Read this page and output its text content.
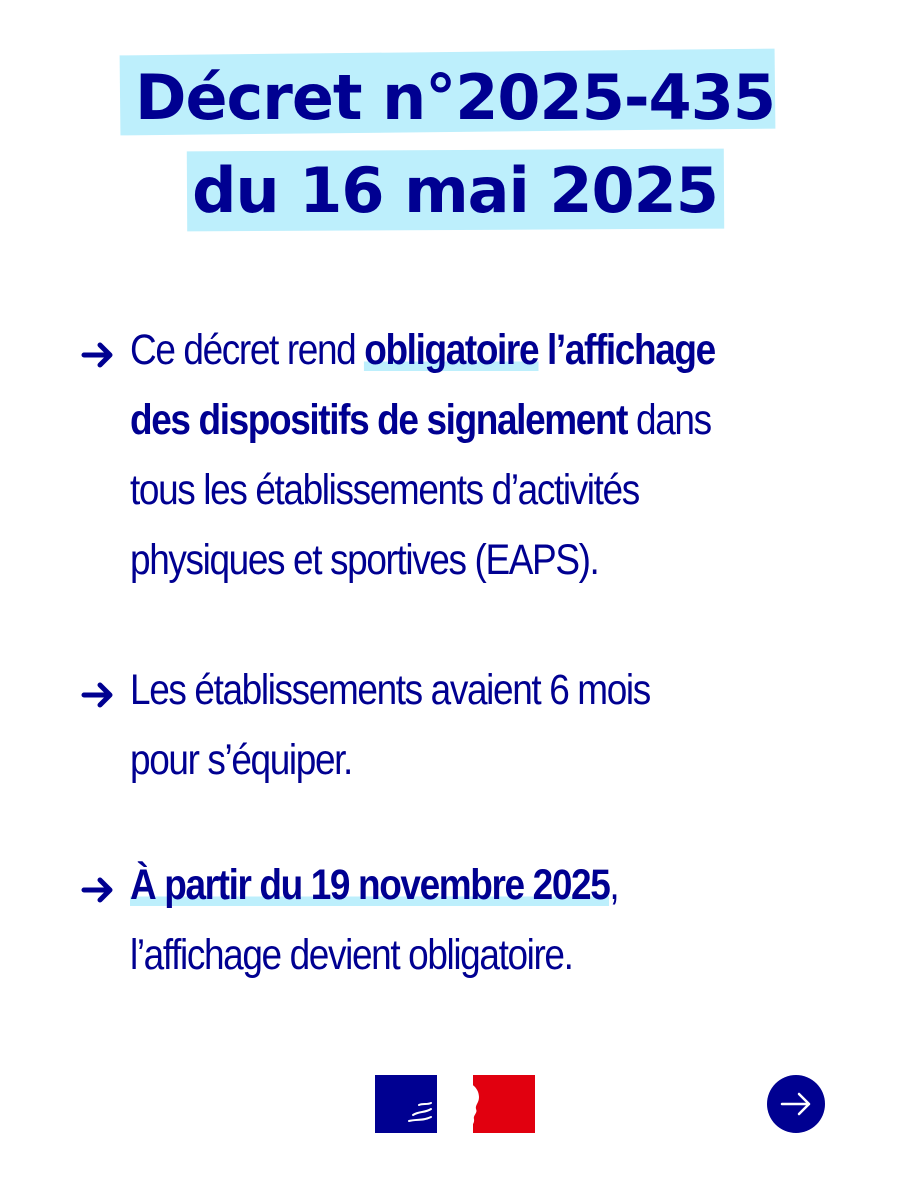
Décret n°2025-435
du 16 mai 2025
Ce décret rend obligatoire l’affichage
des dispositifs de signalement dans
tous les établissements d’activités
physiques et sportives (EAPS).
Les établissements avaient 6 mois
pour s’équiper.
À partir du 19 novembre 2025,
l’affichage devient obligatoire.
